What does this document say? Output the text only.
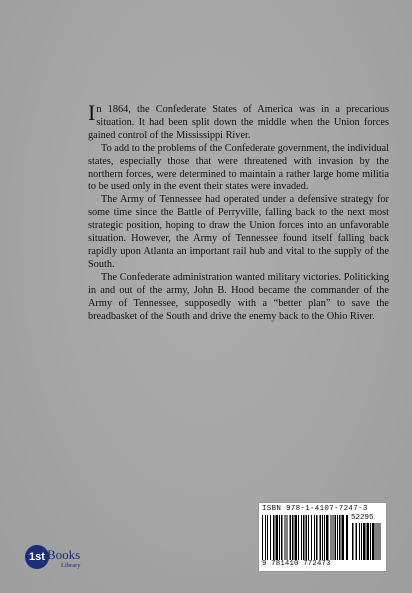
In 1864, the Confederate States of America was in a precarious situation. It had been split down the middle when the Union forces gained control of the Mississippi River.

To add to the problems of the Confederate government, the individual states, especially those that were threatened with invasion by the northern forces, were determined to maintain a rather large home militia to be used only in the event their states were invaded.

The Army of Tennessee had operated under a defensive strategy for some time since the Battle of Perryville, falling back to the next most strategic position, hoping to draw the Union forces into an unfavorable situation. However, the Army of Tennessee found itself falling back rapidly upon Atlanta an important rail hub and vital to the supply of the South.

The Confederate administration wanted military victories. Politicking in and out of the army, John B. Hood became the commander of the Army of Tennessee, supposedly with a “better plan” to save the breadbasket of the South and drive the enemy back to the Ohio River.

ISBN 978-1-4107-7247-3
52295
9 781410 772473
1st Books
Library
